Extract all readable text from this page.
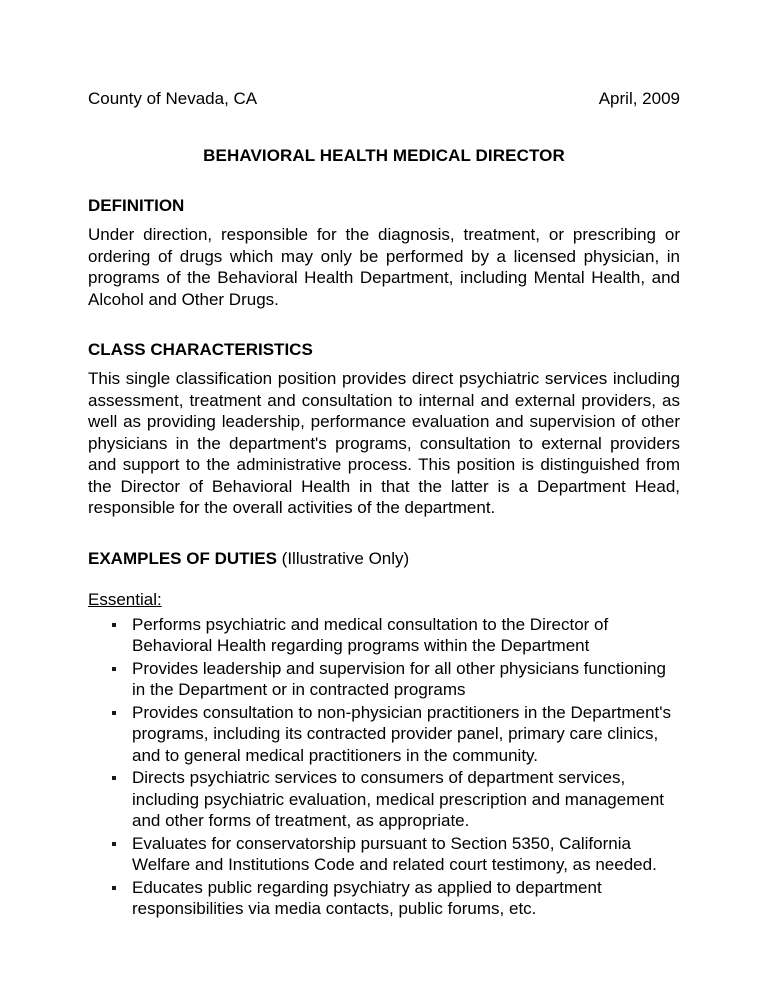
County of Nevada, CA	April, 2009
BEHAVIORAL HEALTH MEDICAL DIRECTOR
DEFINITION

Under direction, responsible for the diagnosis, treatment, or prescribing or ordering of drugs which may only be performed by a licensed physician, in programs of the Behavioral Health Department, including Mental Health, and Alcohol and Other Drugs.

CLASS CHARACTERISTICS

This single classification position provides direct psychiatric services including assessment, treatment and consultation to internal and external providers, as well as providing leadership, performance evaluation and supervision of other physicians in the department's programs, consultation to external providers and support to the administrative process. This position is distinguished from the Director of Behavioral Health in that the latter is a Department Head, responsible for the overall activities of the department.

EXAMPLES OF DUTIES (Illustrative Only)
Essential:
Performs psychiatric and medical consultation to the Director of Behavioral Health regarding programs within the Department
Provides leadership and supervision for all other physicians functioning in the Department or in contracted programs
Provides consultation to non-physician practitioners in the Department's programs, including its contracted provider panel, primary care clinics, and to general medical practitioners in the community.
Directs psychiatric services to consumers of department services, including psychiatric evaluation, medical prescription and management and other forms of treatment, as appropriate.
Evaluates for conservatorship pursuant to Section 5350, California Welfare and Institutions Code and related court testimony, as needed.
Educates public regarding psychiatry as applied to department responsibilities via media contacts, public forums, etc.
